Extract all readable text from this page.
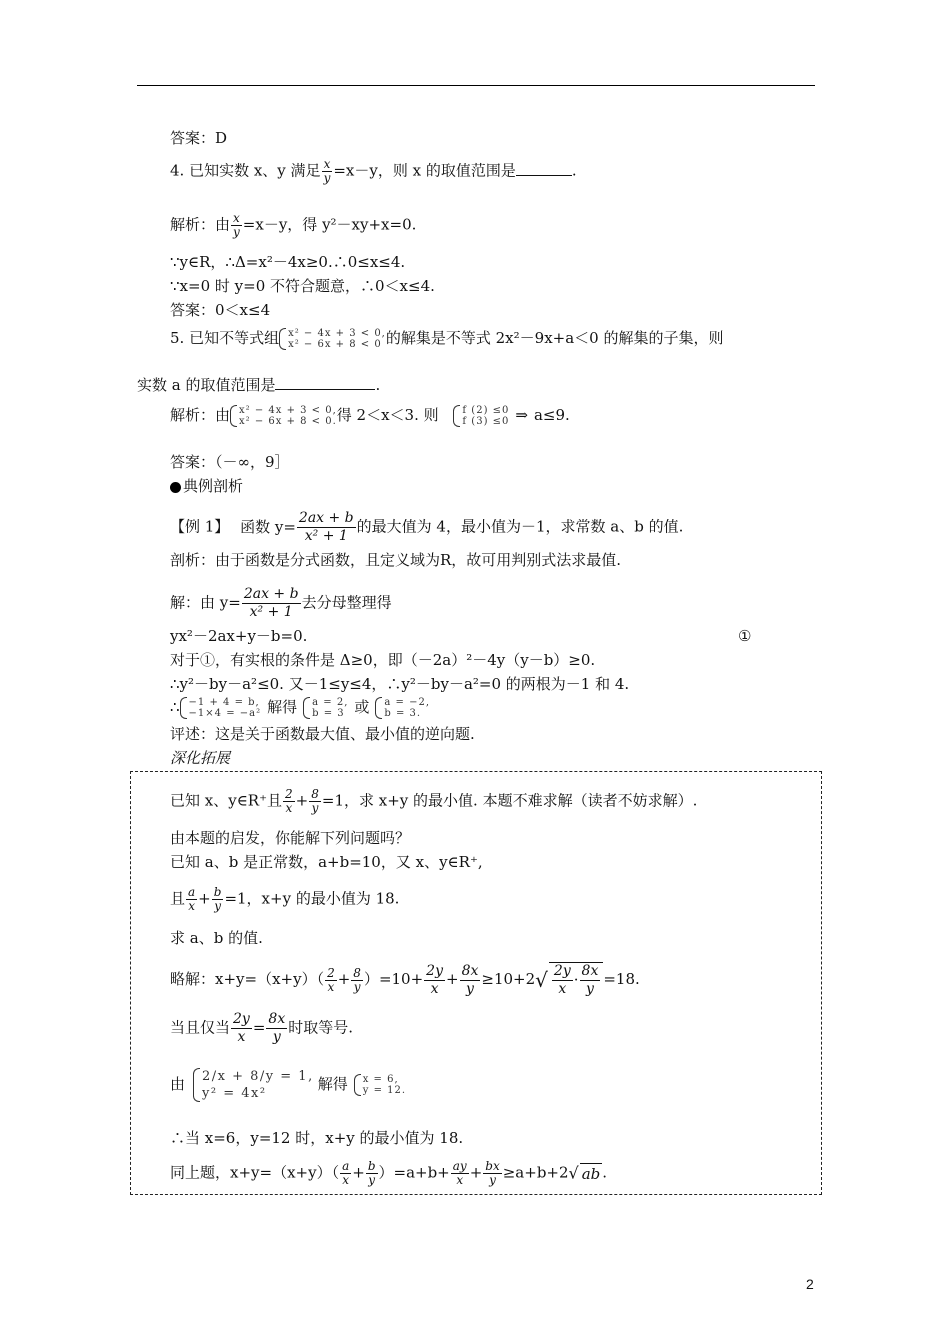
答案：D
4. 已知实数 x、y 满足 $\frac{x}{y} =x-y$，则 x 的取值范围是	.
解析：由 $\frac{x}{y} =x-y$，得 y²－xy+x=0.
∵y∈R，∴Δ=x²－4x≥0.∴0≤x≤4.
∵x=0 时 y=0 不符合题意，∴0＜x≤4.
答案：0＜x≤4
5. 已知不等式组 x² − 4x + 3 < 0,
x² − 6x + 8 < 0 的解集是不等式 2x²－9x+a＜0 的解集的子集，则
实数 a 的取值范围是	.
解析：由 x² − 4x + 3 < 0,
x² − 6x + 8 < 0. 得 2＜x＜3. 则 f (2) ≤0
f (3) ≤0 ⇒ a≤9.
答案：（－∞，9］
典例剖析
【例 1】 函数 $y= \frac{2ax + b}{\text{x² + 1}}$ 的最大值为 4，最小值为－1，求常数 a、b 的值.
剖析：由于函数是分式函数，且定义域为R，故可用判别式法求最值.
解：由 $y= \frac{2ax + b}{\text{x² + 1}}$ 去分母整理得
yx²－2ax+y－b=0.	①
对于①，有实根的条件是 Δ≥0，即（－2a）²－4y（y－b）≥0.
∴y²－by－a²≤0. 又－1≤y≤4，∴y²－by－a²=0 的两根为－1 和 4.
∴ −1 + 4 = b,
−1×4 = −a² 解得 a = 2,
b = 3 或 a = −2,
b = 3.
评述：这是关于函数最大值、最小值的逆向题.
深化拓展
已知 x、y∈R⁺且 $\frac{2}{x} + \frac{8}{y} =1$，求 x+y 的最小值. 本题不难求解（读者不妨求解）.
由本题的启发，你能解下列问题吗？
已知 a、b 是正常数，a+b=10，又 x、y∈R⁺,
且 $\frac{a}{x} + \frac{b}{y} =1$，x+y 的最小值为 18.
求 a、b 的值.
略解：$x+y=(x+y)( \frac{2}{x} + \frac{8}{y} )=10+ \frac{2y}{x} + \frac{8x}{y} \ge 10+2√ \frac{2y}{x} \cdot \frac{8x}{y} =18$.
当且仅当 $\frac{2y}{x} = \frac{8x}{y}$ 时取等号.
由 2/x + 8/y = 1,
y² = 4x²
解得 x = 6,
y = 12.
∴当 x=6，y=12 时，x+y 的最小值为 18.
同上题，$x+y=(x+y)( \frac{a}{x} + \frac{b}{y} )=a+b+ \frac{ay}{x} + \frac{bx}{y} \ge a+b+2√$ ab .
2
